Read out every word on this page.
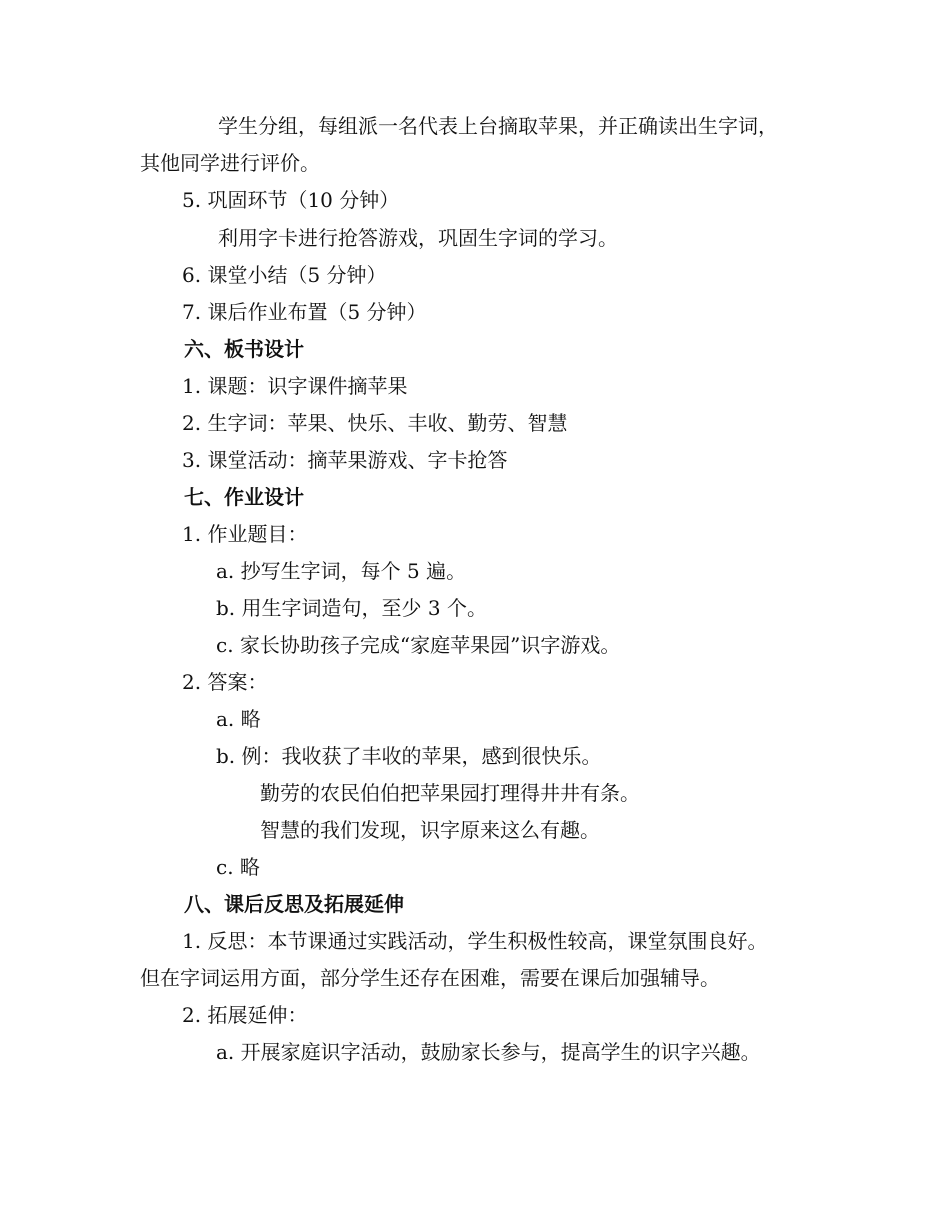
学生分组，每组派一名代表上台摘取苹果，并正确读出生字词，
其他同学进行评价。
5. 巩固环节（10 分钟）
利用字卡进行抢答游戏，巩固生字词的学习。
6. 课堂小结（5 分钟）
7. 课后作业布置（5 分钟）
六、板书设计
1. 课题：识字课件摘苹果
2. 生字词：苹果、快乐、丰收、勤劳、智慧
3. 课堂活动：摘苹果游戏、字卡抢答
七、作业设计
1. 作业题目：
a. 抄写生字词，每个 5 遍。
b. 用生字词造句，至少 3 个。
c. 家长协助孩子完成“家庭苹果园”识字游戏。
2. 答案：
a. 略
b. 例：我收获了丰收的苹果，感到很快乐。
勤劳的农民伯伯把苹果园打理得井井有条。
智慧的我们发现，识字原来这么有趣。
c. 略
八、课后反思及拓展延伸
1. 反思：本节课通过实践活动，学生积极性较高，课堂氛围良好。
但在字词运用方面，部分学生还存在困难，需要在课后加强辅导。
2. 拓展延伸：
a. 开展家庭识字活动，鼓励家长参与，提高学生的识字兴趣。
